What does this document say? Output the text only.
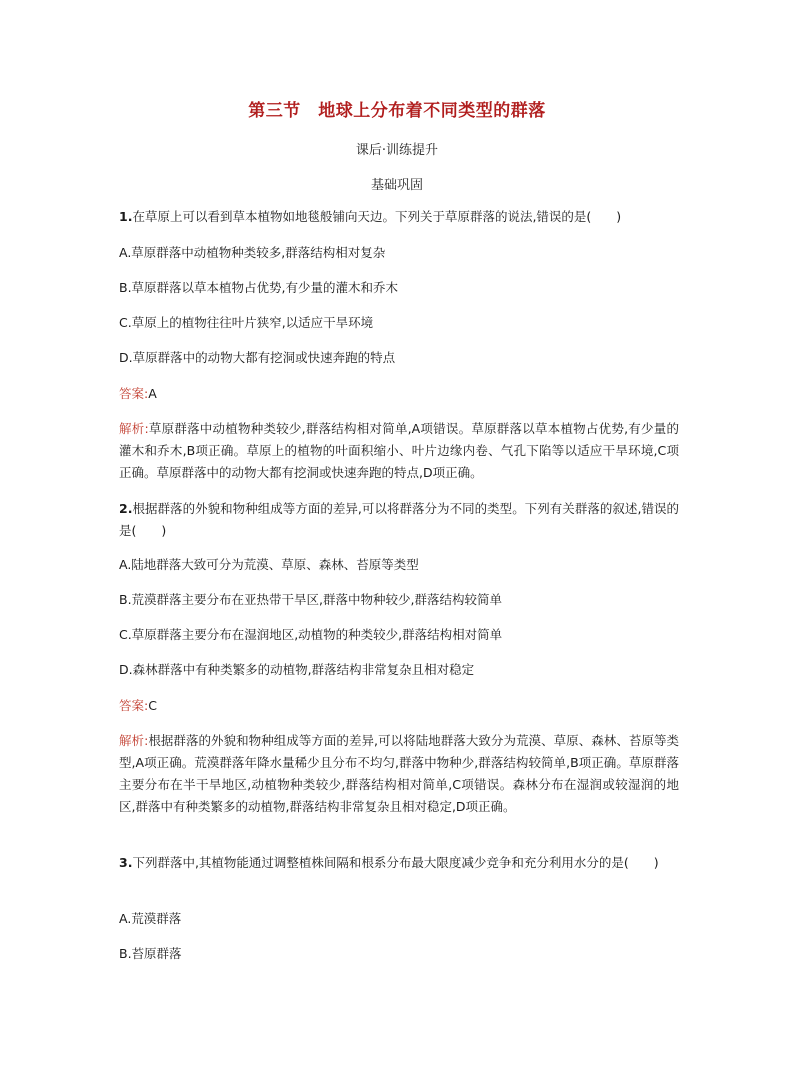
第三节　地球上分布着不同类型的群落
课后·训练提升
基础巩固
1.在草原上可以看到草本植物如地毯般铺向天边。下列关于草原群落的说法,错误的是(　　)
A.草原群落中动植物种类较多,群落结构相对复杂
B.草原群落以草本植物占优势,有少量的灌木和乔木
C.草原上的植物往往叶片狭窄,以适应干旱环境
D.草原群落中的动物大都有挖洞或快速奔跑的特点
答案:A
解析:草原群落中动植物种类较少,群落结构相对简单,A项错误。草原群落以草本植物占优势,有少量的灌木和乔木,B项正确。草原上的植物的叶面积缩小、叶片边缘内卷、气孔下陷等以适应干旱环境,C项正确。草原群落中的动物大都有挖洞或快速奔跑的特点,D项正确。
2.根据群落的外貌和物种组成等方面的差异,可以将群落分为不同的类型。下列有关群落的叙述,错误的是(　　)
A.陆地群落大致可分为荒漠、草原、森林、苔原等类型
B.荒漠群落主要分布在亚热带干旱区,群落中物种较少,群落结构较简单
C.草原群落主要分布在湿润地区,动植物的种类较少,群落结构相对简单
D.森林群落中有种类繁多的动植物,群落结构非常复杂且相对稳定
答案:C
解析:根据群落的外貌和物种组成等方面的差异,可以将陆地群落大致分为荒漠、草原、森林、苔原等类型,A项正确。荒漠群落年降水量稀少且分布不均匀,群落中物种少,群落结构较简单,B项正确。草原群落主要分布在半干旱地区,动植物种类较少,群落结构相对简单,C项错误。森林分布在湿润或较湿润的地区,群落中有种类繁多的动植物,群落结构非常复杂且相对稳定,D项正确。
3.下列群落中,其植物能通过调整植株间隔和根系分布最大限度减少竞争和充分利用水分的是(　　)
A.荒漠群落
B.苔原群落
